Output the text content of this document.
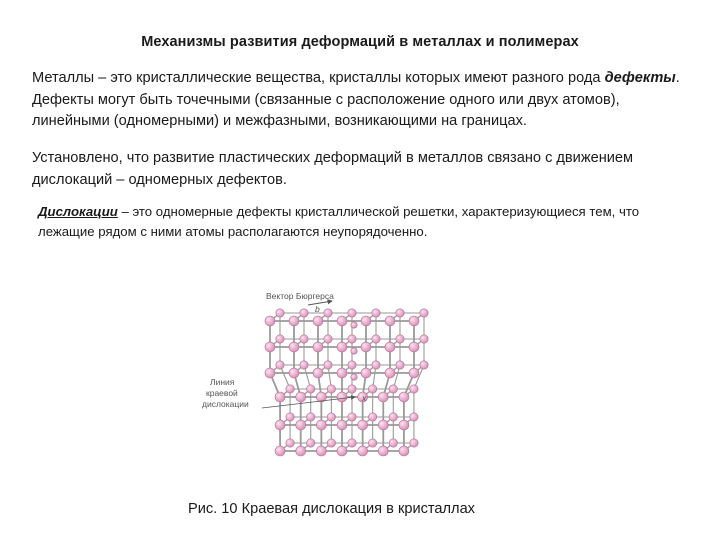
Механизмы развития деформаций в металлах и полимерах
Металлы – это кристаллические вещества, кристаллы которых имеют разного рода дефекты. Дефекты могут быть точечными (связанные с расположение одного или двух атомов), линейными (одномерными) и межфазными, возникающими на границах.
Установлено, что развитие пластических деформаций в металлов связано с движением дислокаций – одномерных дефектов.
Дислокации – это одномерные дефекты кристаллической решетки, характеризующиеся тем, что лежащие рядом с ними атомы располагаются неупорядоченно.
Вектор Бюргерса
b
Линия
краевой
дислокации
x
Рис. 10 Краевая дислокация в кристаллах
